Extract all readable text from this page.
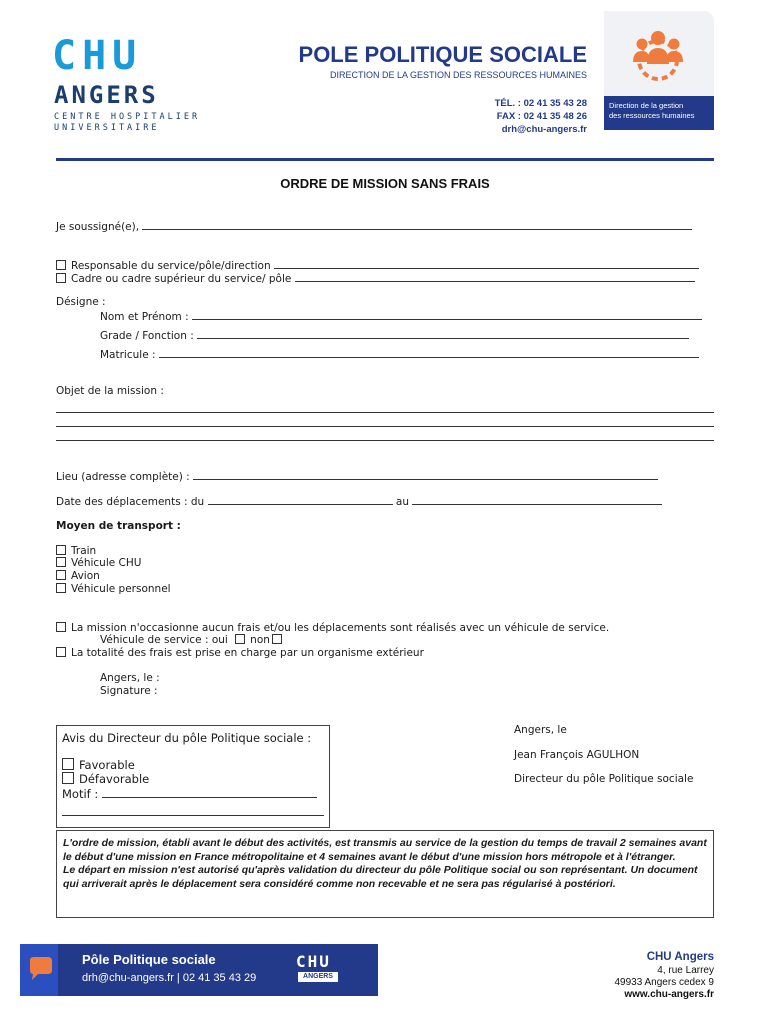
CHU
ANGERS
CENTRE HOSPITALIER
UNIVERSITAIRE
POLE POLITIQUE SOCIALE
DIRECTION DE LA GESTION DES RESSOURCES HUMAINES
TÉL. : 02 41 35 43 28
FAX : 02 41 35 48 26
drh@chu-angers.fr
Direction de la gestion
des ressources humaines
ORDRE DE MISSION SANS FRAIS
Je soussigné(e),
Responsable du service/pôle/direction
Cadre ou cadre supérieur du service/ pôle
Désigne :
Nom et Prénom :
Grade / Fonction :
Matricule :
Objet de la mission :
Lieu (adresse complète) :
Date des déplacements : du	au
Moyen de transport :
Train
Véhicule CHU
Avion
Véhicule personnel
La mission n'occasionne aucun frais et/ou les déplacements sont réalisés avec un véhicule de service.
Véhicule de service : oui non
La totalité des frais est prise en charge par un organisme extérieur
Angers, le :
Signature :
Avis du Directeur du pôle Politique sociale :
Favorable
Défavorable
Motif :
Angers, le
Jean François AGULHON
Directeur du pôle Politique sociale

L'ordre de mission, établi avant le début des activités, est transmis au service de la gestion du temps de travail 2 semaines avant le début d'une mission en France métropolitaine et 4 semaines avant le début d'une mission hors métropole et à l'étranger.

Le départ en mission n'est autorisé qu'après validation du directeur du pôle Politique social ou son représentant. Un document qui arriverait après le déplacement sera considéré comme non recevable et ne sera pas régularisé à postériori.

Pôle Politique sociale
drh@chu-angers.fr | 02 41 35 43 29
CHU
ANGERS
CHU Angers
4, rue Larrey
49933 Angers cedex 9
www.chu-angers.fr
